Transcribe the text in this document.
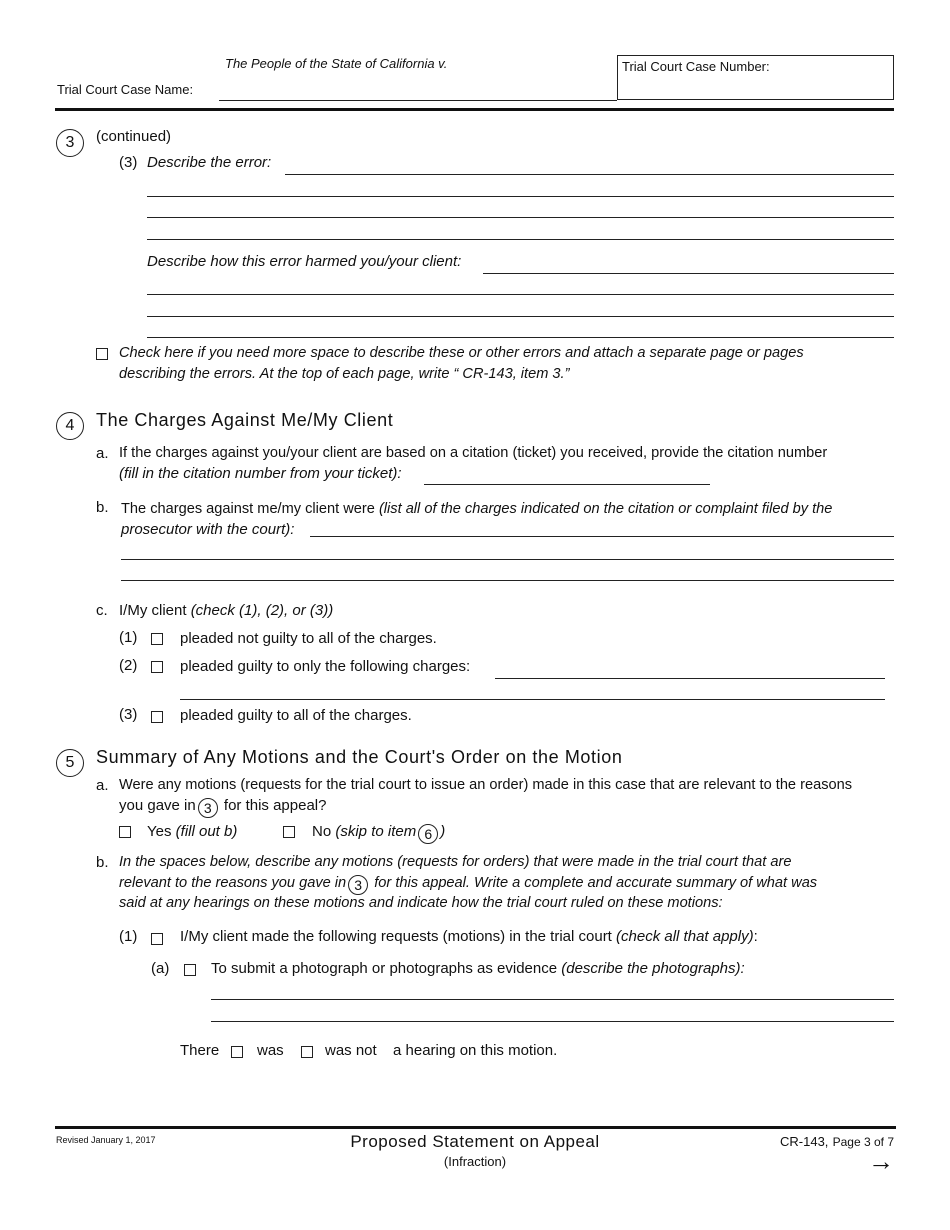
The People of the State of California v.
Trial Court Case Name:
Trial Court Case Number:
3	(continued)
(3) Describe the error:
Describe how this error harmed you/your client:
Check here if you need more space to describe these or other errors and attach a separate page or pages
describing the errors. At the top of each page, write “ CR-143, item 3.”
4	The Charges Against Me/My Client
a. If the charges against you/your client are based on a citation (ticket) you received, provide the citation number
(fill in the citation number from your ticket):
b. The charges against me/my client were (list all of the charges indicated on the citation or complaint filed by the
prosecutor with the court):
c. I/My client (check (1), (2), or (3))
(1)	pleaded not guilty to all of the charges.
(2)	pleaded guilty to only the following charges:
(3)	pleaded guilty to all of the charges.
5	Summary of Any Motions and the Court's Order on the Motion
a. Were any motions (requests for the trial court to issue an order) made in this case that are relevant to the reasons
you gave in 3 for this appeal?
Yes (fill out b)	No (skip to item 6 )
b. In the spaces below, describe any motions (requests for orders) that were made in the trial court that are
relevant to the reasons you gave in 3 for this appeal. Write a complete and accurate summary of what was
said at any hearings on these motions and indicate how the trial court ruled on these motions:
(1)	I/My client made the following requests (motions) in the trial court (check all that apply):
(a)	To submit a photograph or photographs as evidence (describe the photographs):
There	was	was not a hearing on this motion.
Revised January 1, 2017	Proposed Statement on Appeal
(Infraction)
CR-143, Page 3 of 7
→
